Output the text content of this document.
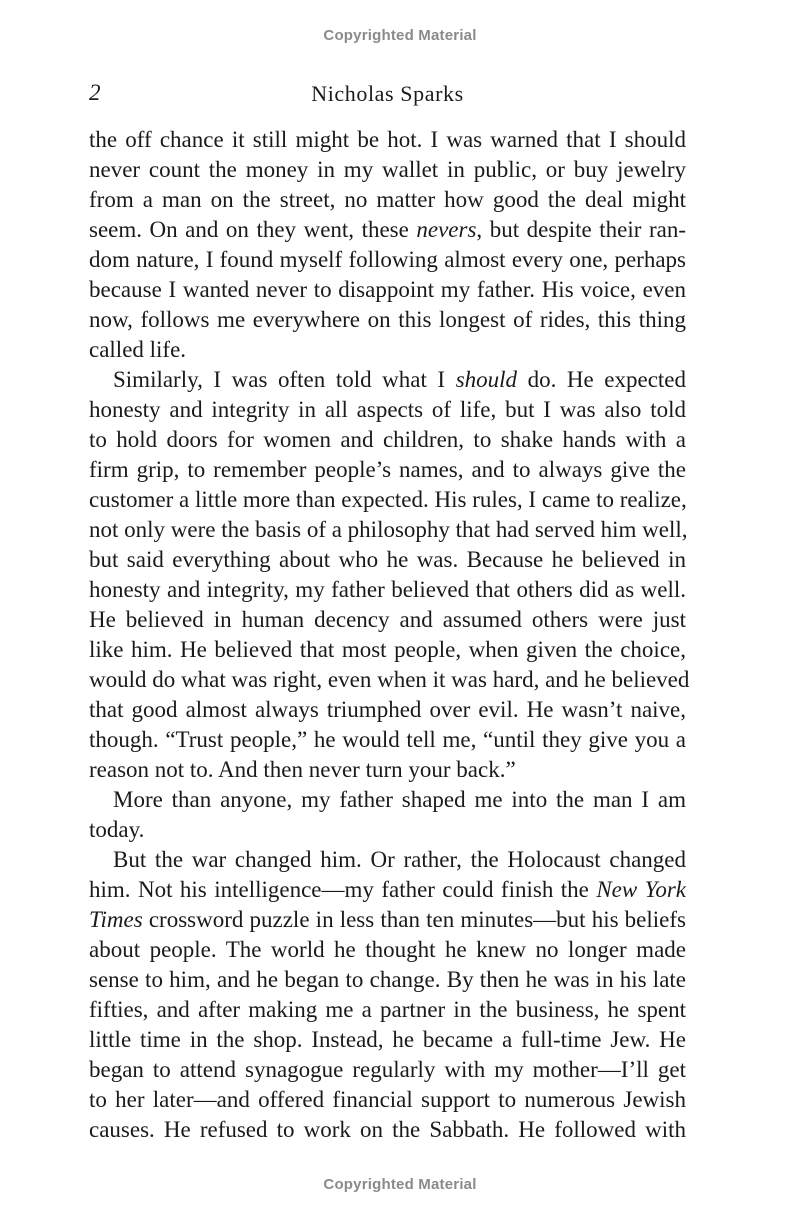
Copyrighted Material
2	Nicholas Sparks
the off chance it still might be hot. I was warned that I should
never count the money in my wallet in public, or buy jewelry
from a man on the street, no matter how good the deal might
seem. On and on they went, these nevers, but despite their ran-
dom nature, I found myself following almost every one, perhaps
because I wanted never to disappoint my father. His voice, even
now, follows me everywhere on this longest of rides, this thing
called life.
Similarly, I was often told what I should do. He expected
honesty and integrity in all aspects of life, but I was also told
to hold doors for women and children, to shake hands with a
firm grip, to remember people’s names, and to always give the
customer a little more than expected. His rules, I came to realize,
not only were the basis of a philosophy that had served him well,
but said everything about who he was. Because he believed in
honesty and integrity, my father believed that others did as well.
He believed in human decency and assumed others were just
like him. He believed that most people, when given the choice,
would do what was right, even when it was hard, and he believed
that good almost always triumphed over evil. He wasn’t naive,
though. “Trust people,” he would tell me, “until they give you a
reason not to. And then never turn your back.”
More than anyone, my father shaped me into the man I am
today.
But the war changed him. Or rather, the Holocaust changed
him. Not his intelligence—my father could finish the New York
Times crossword puzzle in less than ten minutes—but his beliefs
about people. The world he thought he knew no longer made
sense to him, and he began to change. By then he was in his late
fifties, and after making me a partner in the business, he spent
little time in the shop. Instead, he became a full-time Jew. He
began to attend synagogue regularly with my mother—I’ll get
to her later—and offered financial support to numerous Jewish
causes. He refused to work on the Sabbath. He followed with
Copyrighted Material
